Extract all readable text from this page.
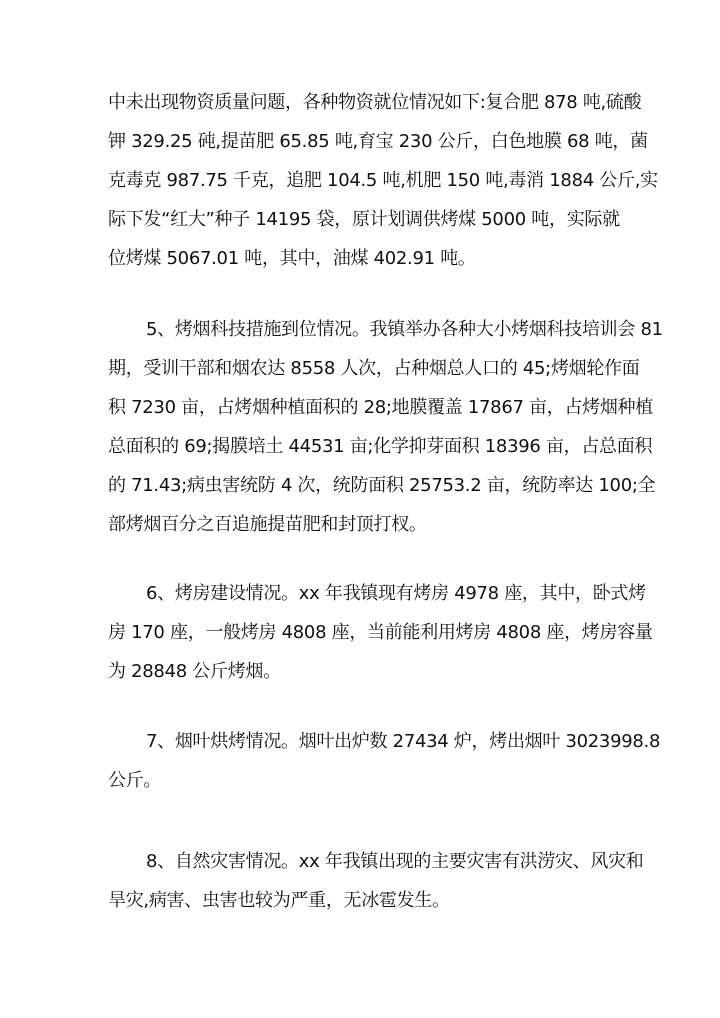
中未出现物资质量问题，各种物资就位情况如下:复合肥 878 吨,硫酸
钾 329.25 砘,提苗肥 65.85 吨,育宝 230 公斤，白色地膜 68 吨，菌
克毒克 987.75 千克，追肥 104.5 吨,机肥 150 吨,毒消 1884 公斤,实
际下发“红大”种子 14195 袋，原计划调供烤煤 5000 吨，实际就
位烤煤 5067.01 吨，其中，油煤 402.91 吨。
5、烤烟科技措施到位情况。我镇举办各种大小烤烟科技培训会 81
期，受训干部和烟农达 8558 人次，占种烟总人口的 45;烤烟轮作面
积 7230 亩，占烤烟种植面积的 28;地膜覆盖 17867 亩，占烤烟种植
总面积的 69;揭膜培土 44531 亩;化学抑芽面积 18396 亩，占总面积
的 71.43;病虫害统防 4 次，统防面积 25753.2 亩，统防率达 100;全
部烤烟百分之百追施提苗肥和封顶打杈。
6、烤房建设情况。xx 年我镇现有烤房 4978 座，其中，卧式烤
房 170 座，一般烤房 4808 座，当前能利用烤房 4808 座，烤房容量
为 28848 公斤烤烟。
7、烟叶烘烤情况。烟叶出炉数 27434 炉，烤出烟叶 3023998.8
公斤。
8、自然灾害情况。xx 年我镇出现的主要灾害有洪涝灾、风灾和
旱灾,病害、虫害也较为严重，无冰雹发生。
